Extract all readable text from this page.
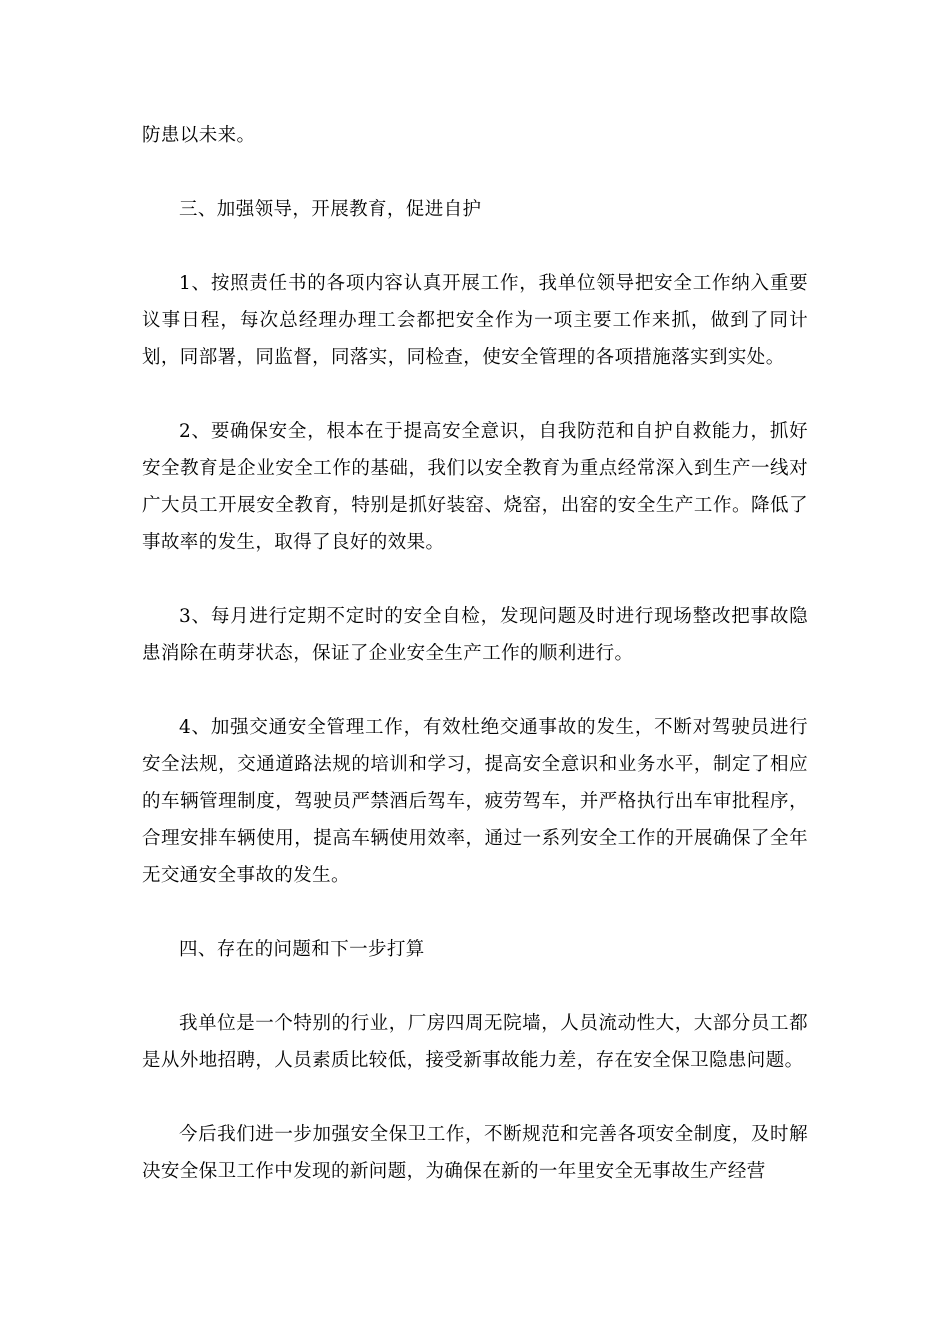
防患以未来。

三、加强领导，开展教育，促进自护

1、按照责任书的各项内容认真开展工作，我单位领导把安全工作纳入重要议事日程，每次总经理办理工会都把安全作为一项主要工作来抓，做到了同计划，同部署，同监督，同落实，同检查，使安全管理的各项措施落实到实处。

2、要确保安全，根本在于提高安全意识，自我防范和自护自救能力，抓好安全教育是企业安全工作的基础，我们以安全教育为重点经常深入到生产一线对广大员工开展安全教育，特别是抓好装窑、烧窑，出窑的安全生产工作。降低了事故率的发生，取得了良好的效果。

3、每月进行定期不定时的安全自检，发现问题及时进行现场整改把事故隐患消除在萌芽状态，保证了企业安全生产工作的顺利进行。

4、加强交通安全管理工作，有效杜绝交通事故的发生，不断对驾驶员进行安全法规，交通道路法规的培训和学习，提高安全意识和业务水平，制定了相应的车辆管理制度，驾驶员严禁酒后驾车，疲劳驾车，并严格执行出车审批程序，合理安排车辆使用，提高车辆使用效率，通过一系列安全工作的开展确保了全年无交通安全事故的发生。

四、存在的问题和下一步打算

我单位是一个特别的行业，厂房四周无院墙，人员流动性大，大部分员工都是从外地招聘，人员素质比较低，接受新事故能力差，存在安全保卫隐患问题。

今后我们进一步加强安全保卫工作，不断规范和完善各项安全制度，及时解决安全保卫工作中发现的新问题，为确保在新的一年里安全无事故生产经营
